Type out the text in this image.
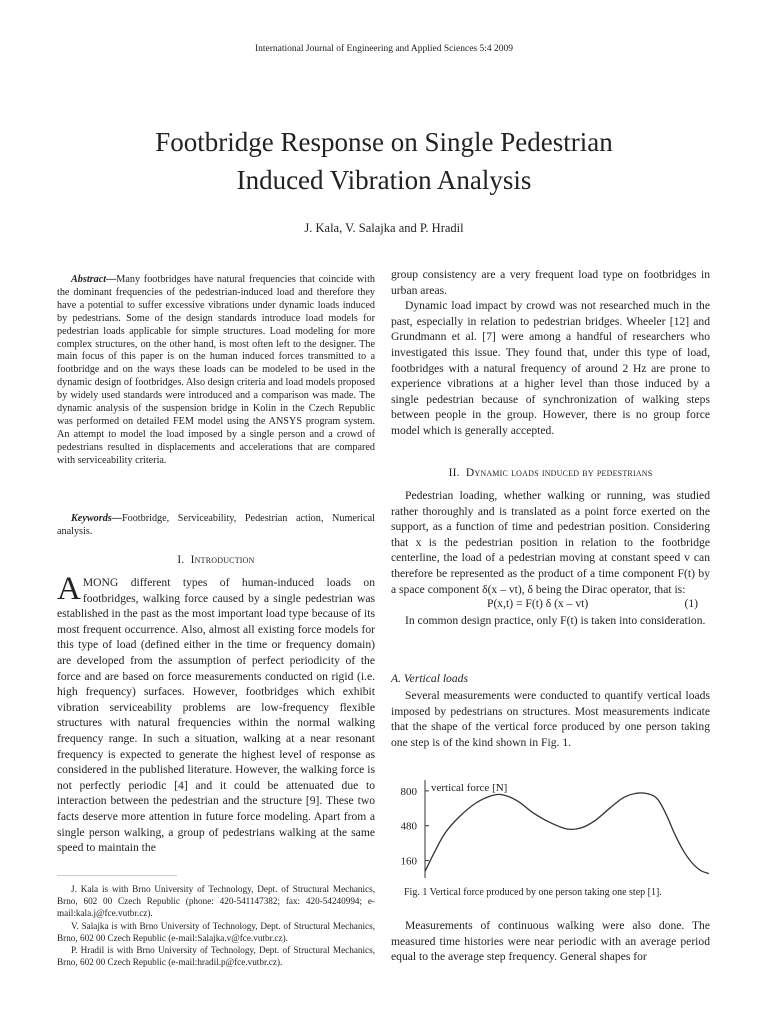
International Journal of Engineering and Applied Sciences 5:4 2009
Footbridge Response on Single Pedestrian
Induced Vibration Analysis
J. Kala, V. Salajka and P. Hradil

Abstract—Many footbridges have natural frequencies that coincide with the dominant frequencies of the pedestrian-induced load and therefore they have a potential to suffer excessive vibrations under dynamic loads induced by pedestrians. Some of the design standards introduce load models for pedestrian loads applicable for simple structures. Load modeling for more complex structures, on the other hand, is most often left to the designer. The main focus of this paper is on the human induced forces transmitted to a footbridge and on the ways these loads can be modeled to be used in the dynamic design of footbridges. Also design criteria and load models proposed by widely used standards were introduced and a comparison was made. The dynamic analysis of the suspension bridge in Kolin in the Czech Republic was performed on detailed FEM model using the ANSYS program system. An attempt to model the load imposed by a single person and a crowd of pedestrians resulted in displacements and accelerations that are compared with serviceability criteria.

Keywords—Footbridge, Serviceability, Pedestrian action, Numerical analysis.

I. Introduction

AMONG different types of human-induced loads on footbridges, walking force caused by a single pedestrian was established in the past as the most important load type because of its most frequent occurrence. Also, almost all existing force models for this type of load (defined either in the time or frequency domain) are developed from the assumption of perfect periodicity of the force and are based on force measurements conducted on rigid (i.e. high frequency) surfaces. However, footbridges which exhibit vibration serviceability problems are low-frequency flexible structures with natural frequencies within the normal walking frequency range. In such a situation, walking at a near resonant frequency is expected to generate the highest level of response as considered in the published literature. However, the walking force is not perfectly periodic [4] and it could be attenuated due to interaction between the pedestrian and the structure [9]. These two facts deserve more attention in future force modeling. Apart from a single person walking, a group of pedestrians walking at the same speed to maintain the

J. Kala is with Brno University of Technology, Dept. of Structural Mechanics, Brno, 602 00 Czech Republic (phone: 420-541147382; fax: 420-54240994; e-mail:kala.j@fce.vutbr.cz).

V. Salajka is with Brno University of Technology, Dept. of Structural Mechanics, Brno, 602 00 Czech Republic (e-mail:Salajka.v@fce.vutbr.cz).

P. Hradil is with Brno University of Technology, Dept. of Structural Mechanics, Brno, 602 00 Czech Republic (e-mail:hradil.p@fce.vutbr.cz).

group consistency are a very frequent load type on footbridges in urban areas.

Dynamic load impact by crowd was not researched much in the past, especially in relation to pedestrian bridges. Wheeler [12] and Grundmann et al. [7] were among a handful of researchers who investigated this issue. They found that, under this type of load, footbridges with a natural frequency of around 2 Hz are prone to experience vibrations at a higher level than those induced by a single pedestrian because of synchronization of walking steps between people in the group. However, there is no group force model which is generally accepted.

II. Dynamic loads induced by pedestrians

Pedestrian loading, whether walking or running, was studied rather thoroughly and is translated as a point force exerted on the support, as a function of time and pedestrian position. Considering that x is the pedestrian position in relation to the footbridge centerline, the load of a pedestrian moving at constant speed v can therefore be represented as the product of a time component F(t) by a space component δ(x – vt), δ being the Dirac operator, that is:

P(x,t) = F(t) δ (x – vt)	(1)

In common design practice, only F(t) is taken into consideration.

A. Vertical loads

Several measurements were conducted to quantify vertical loads imposed by pedestrians on structures. Most measurements indicate that the shape of the vertical force produced by one person taking one step is of the kind shown in Fig. 1.

160
480
800 vertical force [N]

Fig. 1 Vertical force produced by one person taking one step [1].

Measurements of continuous walking were also done. The measured time histories were near periodic with an average period equal to the average step frequency. General shapes for
